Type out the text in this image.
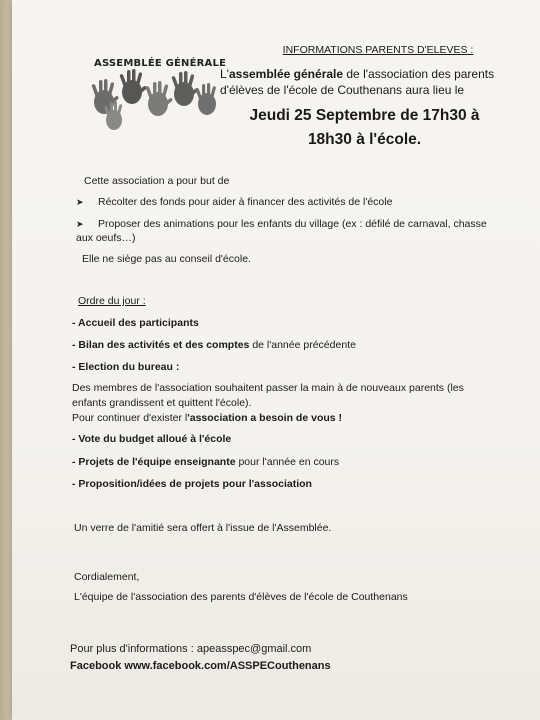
ASSEMBLÉE GÉNÉRALE
INFORMATIONS PARENTS D'ELEVES :
L'assemblée générale de l'association des parents
d'élèves de l'école de Couthenans aura lieu le
Jeudi 25 Septembre de 17h30 à
18h30 à l'école.
Cette association a pour but de
➤ Récolter des fonds pour aider à financer des activités de l'école
➤ Proposer des animations pour les enfants du village (ex : défilé de carnaval, chasse
aux oeufs…)
Elle ne siège pas au conseil d'école.
Ordre du jour :
- Accueil des participants
- Bilan des activités et des comptes de l'année précédente
- Election du bureau :
Des membres de l'association souhaitent passer la main à de nouveaux parents (les
enfants grandissent et quittent l'école).
Pour continuer d'exister l'association a besoin de vous !
- Vote du budget alloué à l'école
- Projets de l'équipe enseignante pour l'année en cours
- Proposition/idées de projets pour l'association
Un verre de l'amitié sera offert à l'issue de l'Assemblée.
Cordialement,
L'équipe de l'association des parents d'élèves de l'école de Couthenans
Pour plus d'informations : apeasspec@gmail.com
Facebook www.facebook.com/ASSPECouthenans
